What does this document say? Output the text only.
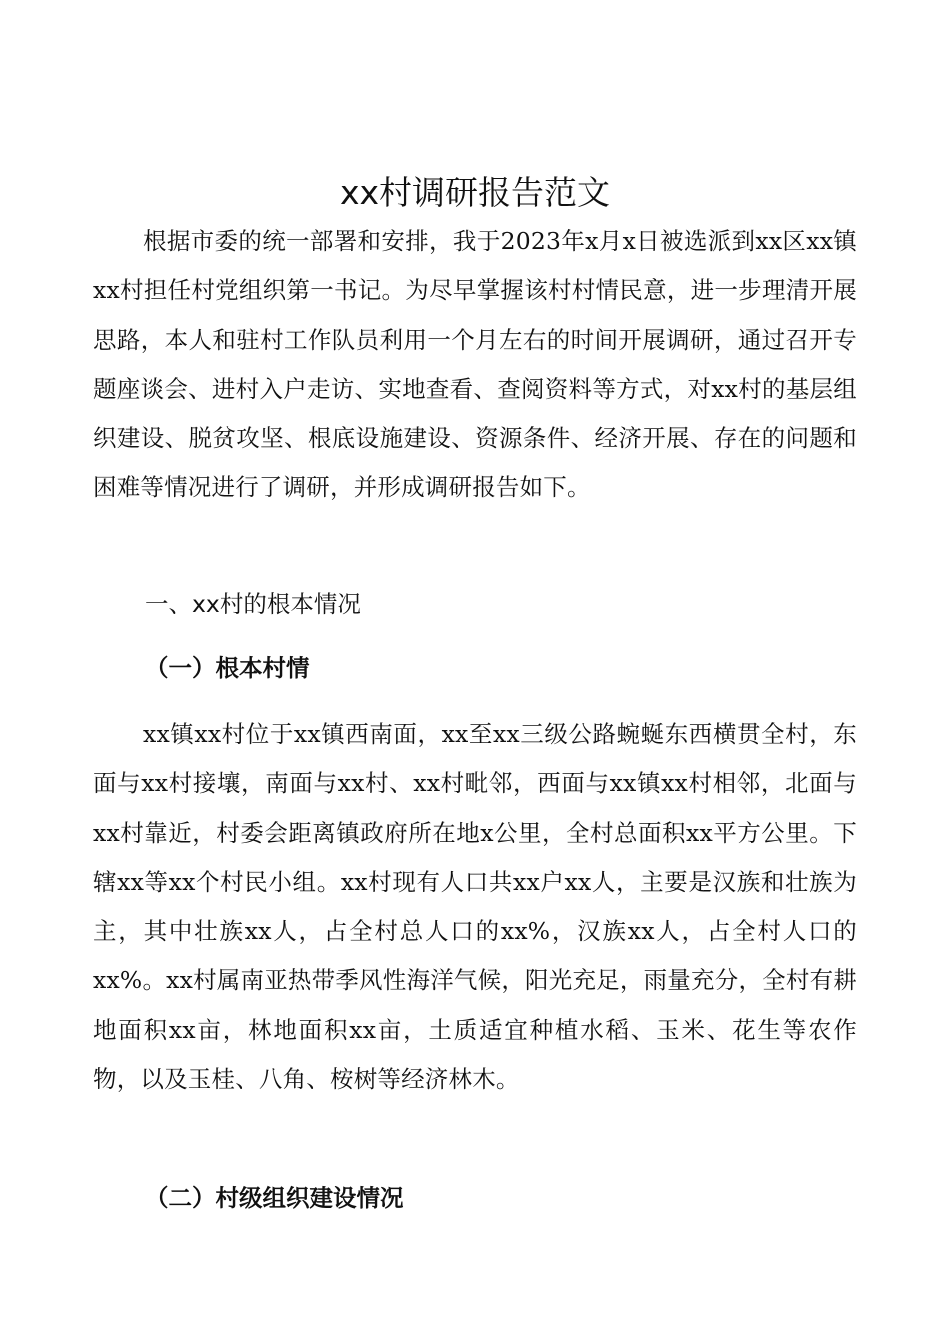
xx村调研报告范文

根据市委的统一部署和安排，我于2023年x月x日被选派到xx区xx镇xx村担任村党组织第一书记。为尽早掌握该村村情民意，进一步理清开展思路，本人和驻村工作队员利用一个月左右的时间开展调研，通过召开专题座谈会、进村入户走访、实地查看、查阅资料等方式，对xx村的基层组织建设、脱贫攻坚、根底设施建设、资源条件、经济开展、存在的问题和困难等情况进行了调研，并形成调研报告如下。

一、xx村的根本情况
（一）根本村情

xx镇xx村位于xx镇西南面，xx至xx三级公路蜿蜒东西横贯全村，东面与xx村接壤，南面与xx村、xx村毗邻，西面与xx镇xx村相邻，北面与xx村靠近，村委会距离镇政府所在地x公里，全村总面积xx平方公里。下辖xx等xx个村民小组。xx村现有人口共xx户xx人，主要是汉族和壮族为主，其中壮族xx人，占全村总人口的xx%，汉族xx人，占全村人口的xx%。xx村属南亚热带季风性海洋气候，阳光充足，雨量充分，全村有耕地面积xx亩，林地面积xx亩，土质适宜种植水稻、玉米、花生等农作物，以及玉桂、八角、桉树等经济林木。

（二）村级组织建设情况
